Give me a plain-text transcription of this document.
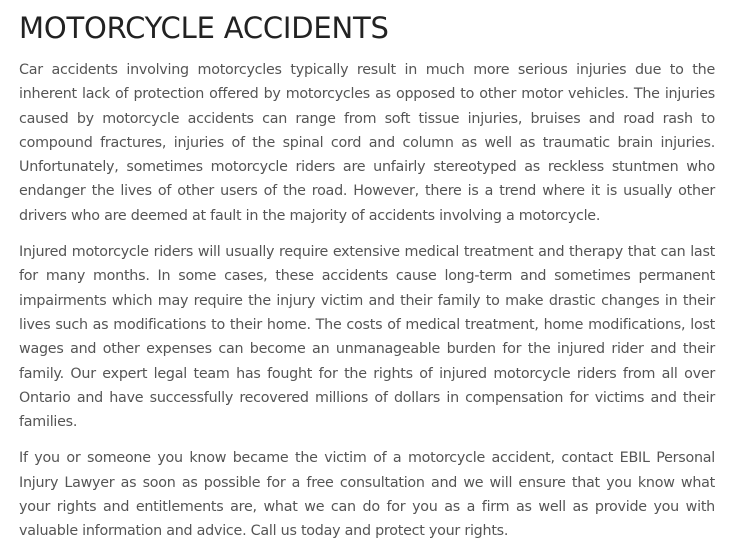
MOTORCYCLE ACCIDENTS

Car accidents involving motorcycles typically result in much more serious injuries due to the inherent lack of protection offered by motorcycles as opposed to other motor vehicles. The injuries caused by motorcycle accidents can range from soft tissue injuries, bruises and road rash to compound fractures, injuries of the spinal cord and column as well as traumatic brain injuries. Unfortunately, sometimes motorcycle riders are unfairly stereotyped as reckless stuntmen who endanger the lives of other users of the road. However, there is a trend where it is usually other drivers who are deemed at fault in the majority of accidents involving a motorcycle.

Injured motorcycle riders will usually require extensive medical treatment and therapy that can last for many months. In some cases, these accidents cause long-term and sometimes permanent impairments which may require the injury victim and their family to make drastic changes in their lives such as modifications to their home. The costs of medical treatment, home modifications, lost wages and other expenses can become an unmanageable burden for the injured rider and their family. Our expert legal team has fought for the rights of injured motorcycle riders from all over Ontario and have successfully recovered millions of dollars in compensation for victims and their families.

If you or someone you know became the victim of a motorcycle accident, contact EBIL Personal Injury Lawyer as soon as possible for a free consultation and we will ensure that you know what your rights and entitlements are, what we can do for you as a firm as well as provide you with valuable information and advice. Call us today and protect your rights.
